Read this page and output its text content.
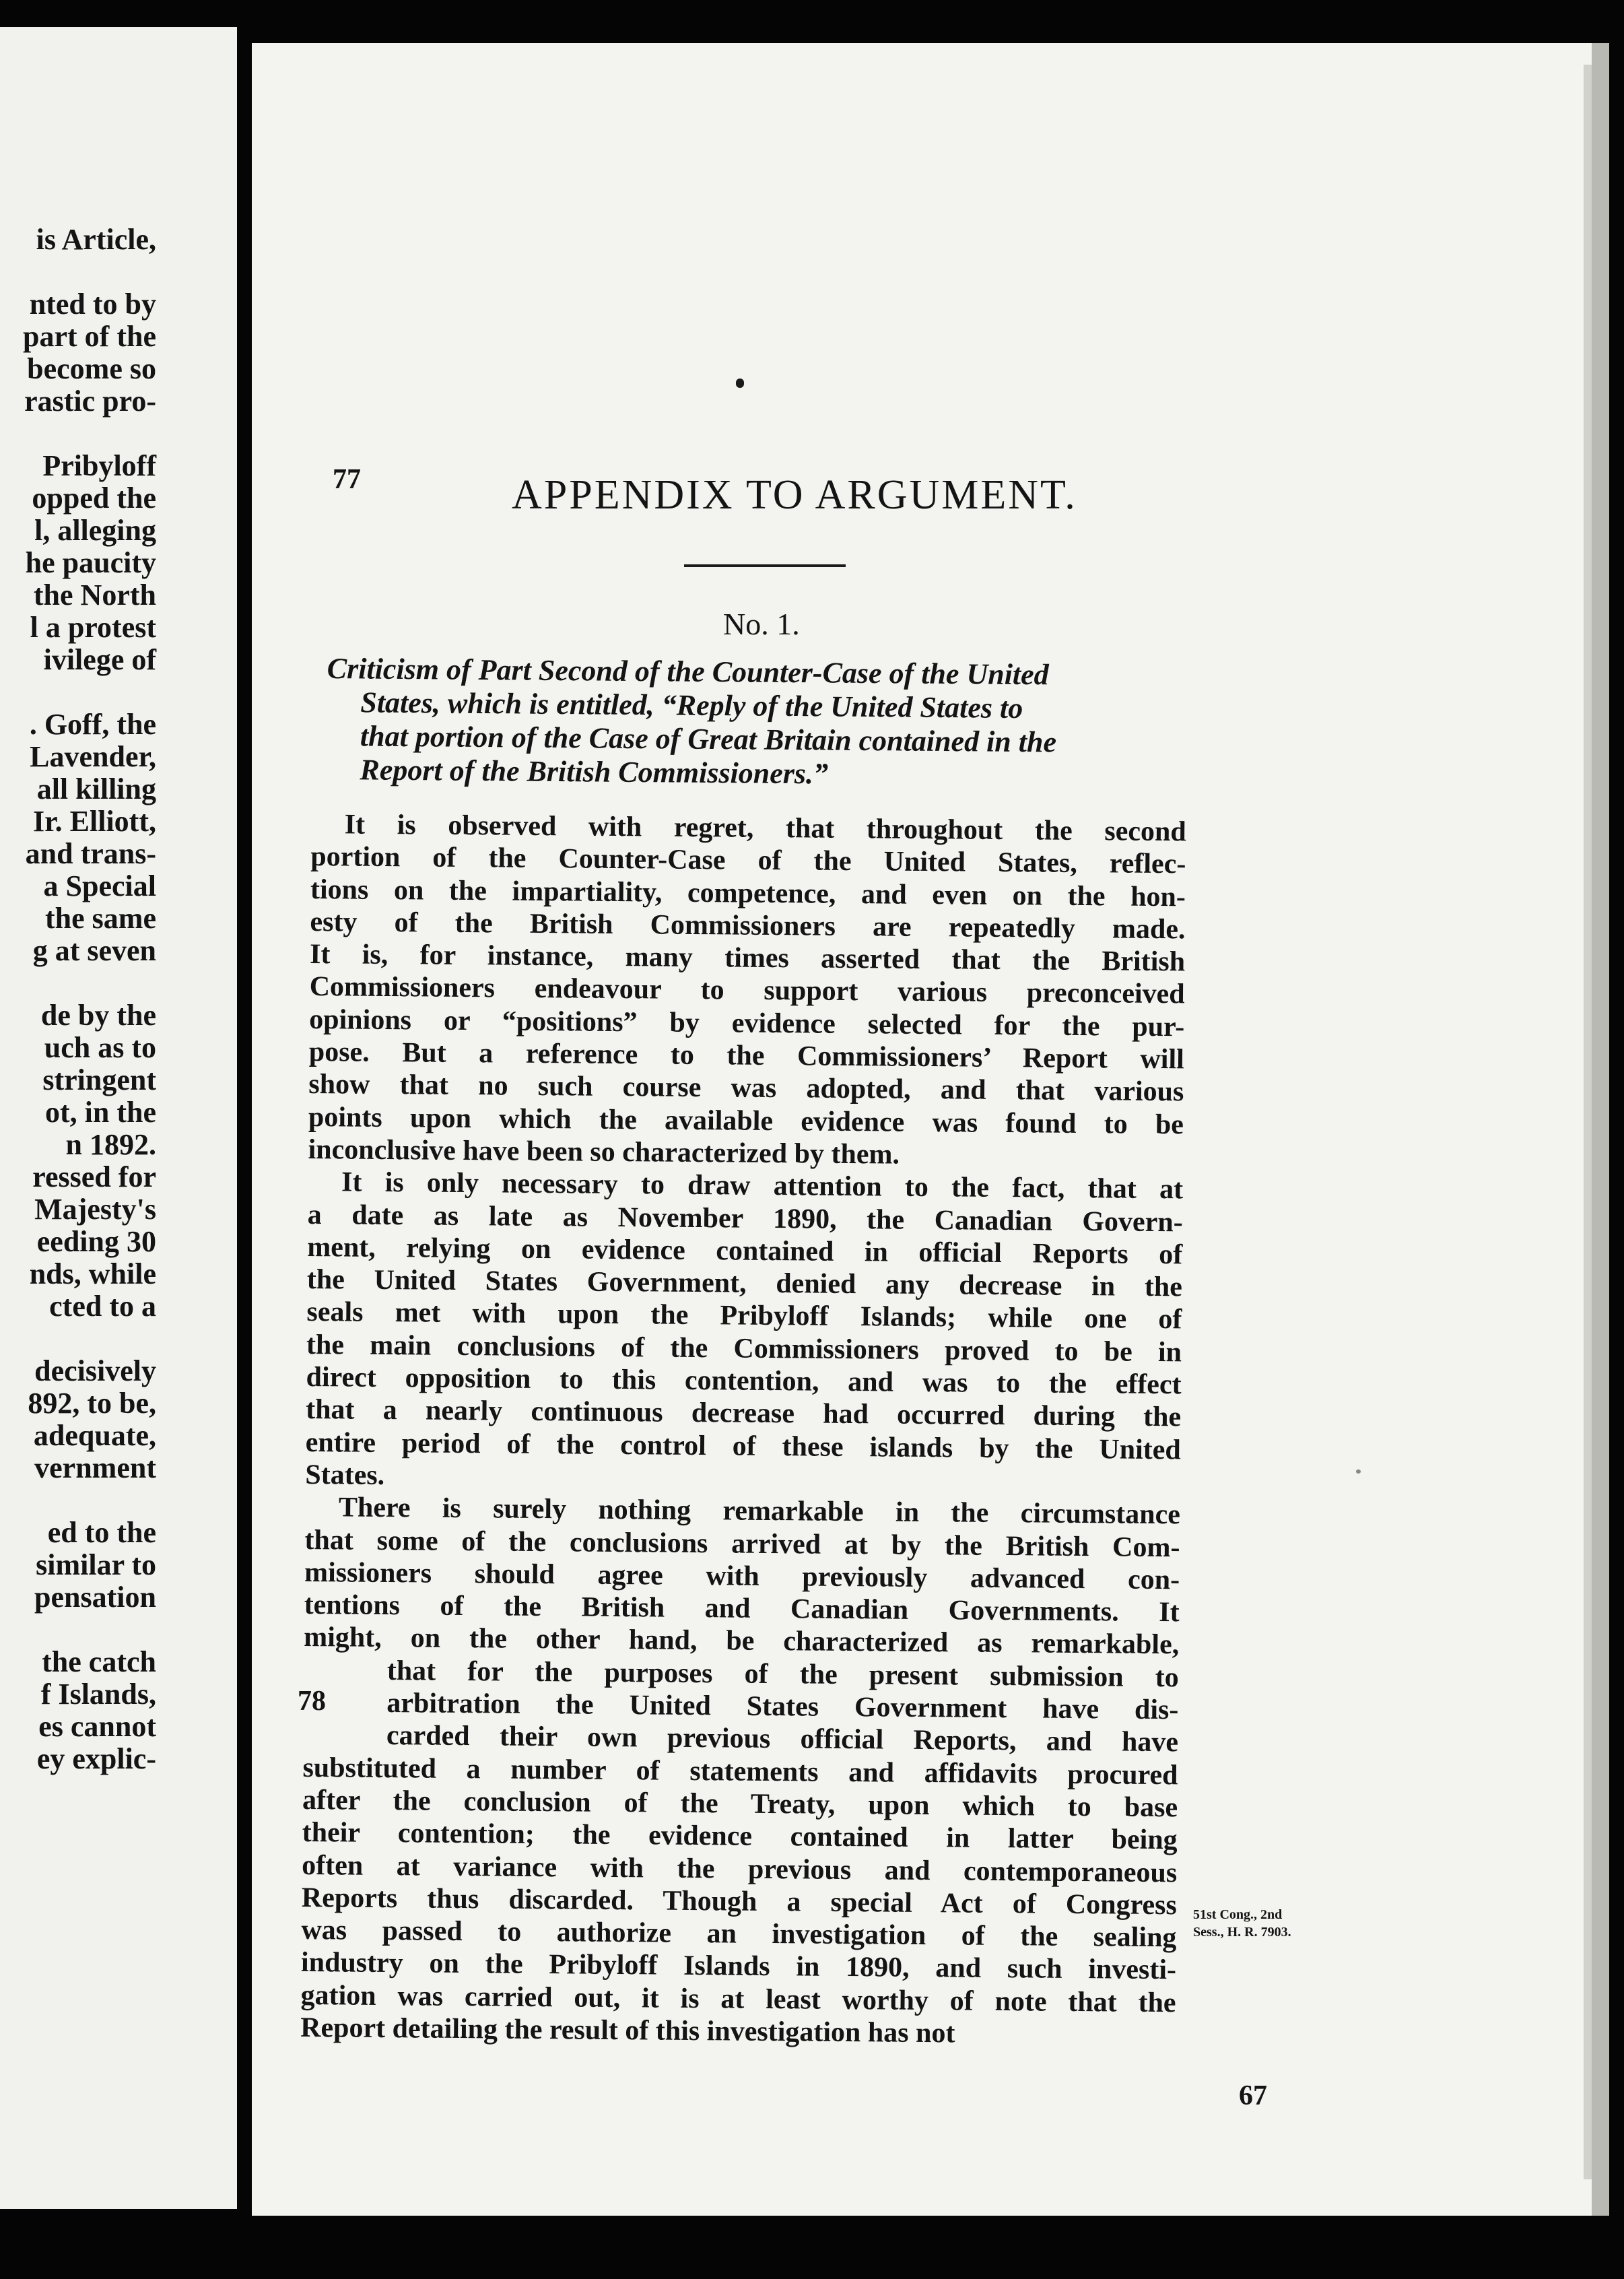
is Article,
nted to by
part of the
become so
rastic pro-
Pribyloff
opped the
l, alleging
he paucity
the North
l a protest
ivilege of
. Goff, the
Lavender,
all killing
Ir. Elliott,
and trans-
a Special
the same
g at seven
de by the
uch as to
stringent
ot, in the
n 1892.
ressed for
Majesty's
eeding 30
nds, while
cted to a
decisively
892, to be,
adequate,
vernment
ed to the
similar to
pensation
the catch
f Islands,
es cannot
ey explic-
77	APPENDIX TO ARGUMENT.
No. 1.
Criticism of Part Second of the Counter-Case of the United
States, which is entitled, “Reply of the United States to
that portion of the Case of Great Britain contained in the
Report of the British Commissioners.”
It is observed with regret, that throughout the second
portion of the Counter-Case of the United States, reflec-
tions on the impartiality, competence, and even on the hon-
esty of the British Commissioners are repeatedly made.
It is, for instance, many times asserted that the British
Commissioners endeavour to support various preconceived
opinions or “positions” by evidence selected for the pur-
pose. But a reference to the Commissioners’ Report will
show that no such course was adopted, and that various
points upon which the available evidence was found to be
inconclusive have been so characterized by them.
It is only necessary to draw attention to the fact, that at
a date as late as November 1890, the Canadian Govern-
ment, relying on evidence contained in official Reports of
the United States Government, denied any decrease in the
seals met with upon the Pribyloff Islands; while one of
the main conclusions of the Commissioners proved to be in
direct opposition to this contention, and was to the effect
that a nearly continuous decrease had occurred during the
entire period of the control of these islands by the United
States.
There is surely nothing remarkable in the circumstance
that some of the conclusions arrived at by the British Com-
missioners should agree with previously advanced con-
tentions of the British and Canadian Governments. It
might, on the other hand, be characterized as remarkable,
that for the purposes of the present submission to
arbitration the United States Government have dis-
carded their own previous official Reports, and have
substituted a number of statements and affidavits procured
after the conclusion of the Treaty, upon which to base
their contention; the evidence contained in latter being
often at variance with the previous and contemporaneous
Reports thus discarded. Though a special Act of Congress
was passed to authorize an investigation of the sealing
industry on the Pribyloff Islands in 1890, and such investi-
gation was carried out, it is at least worthy of note that the
Report detailing the result of this investigation has not
78
51st Cong., 2nd
Sess., H. R. 7903.
67
